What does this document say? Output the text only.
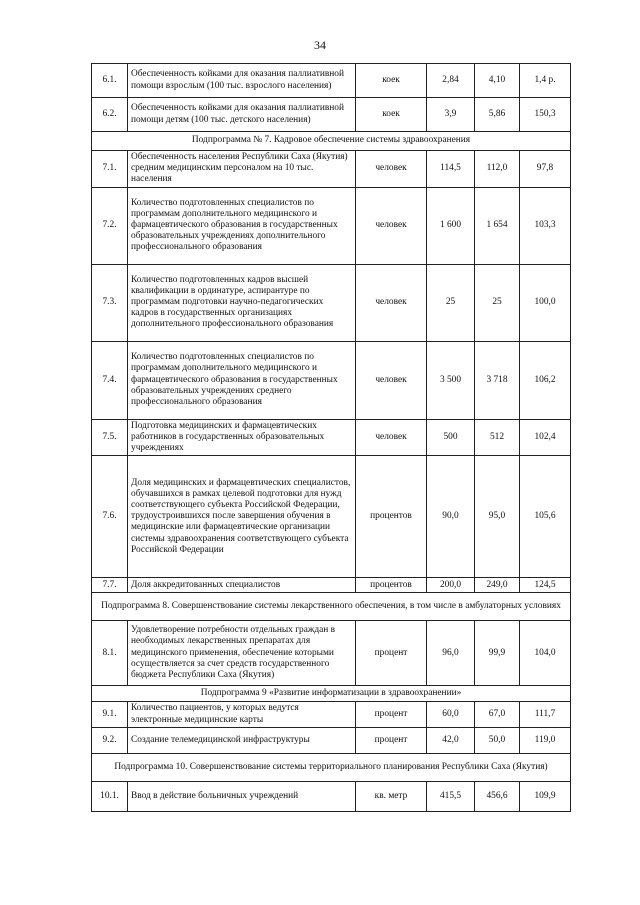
34
6.1.	Обеспеченность койками для оказания паллиативной помощи взрослым (100 тыс. взрослого населения)	коек	2,84	4,10	1,4 р.
6.2.	Обеспеченность койками для оказания паллиативной помощи детям (100 тыс. детского населения)	коек	3,9	5,86	150,3
Подпрограмма № 7. Кадровое обеспечение системы здравоохранения					
7.1.	Обеспеченность населения Республики Саха (Якутия) средним медицинским персоналом на 10 тыс. населения	человек	114,5	112,0	97,8
7.2.	Количество подготовленных специалистов по программам дополнительного медицинского и фармацевтического образования в государственных образовательных учреждениях дополнительного профессионального образования	человек	1 600	1 654	103,3
7.3.	Количество подготовленных кадров высшей квалификации в ординатуре, аспирантуре по программам подготовки научно-педагогических кадров в государственных организациях дополнительного профессионального образования	человек	25	25	100,0
7.4.	Количество подготовленных специалистов по программам дополнительного медицинского и фармацевтического образования в государственных образовательных учреждениях среднего профессионального образования	человек	3 500	3 718	106,2
7.5.	Подготовка медицинских и фармацевтических работников в государственных образовательных учреждениях	человек	500	512	102,4
7.6.	Доля медицинских и фармацевтических специалистов, обучавшихся в рамках целевой подготовки для нужд соответствующего субъекта Российской Федерации, трудоустроившихся после завершения обучения в медицинские или фармацевтические организации системы здравоохранения соответствующего субъекта Российской Федерации	процентов	90,0	95,0	105,6
7.7.	Доля аккредитованных специалистов	процентов	200,0	249,0	124,5
Подпрограмма 8. Совершенствование системы лекарственного обеспечения, в том числе в амбулаторных условиях					
8.1.	Удовлетворение потребности отдельных граждан в необходимых лекарственных препаратах для медицинского применения, обеспечение которыми осуществляется за счет средств государственного бюджета Республики Саха (Якутия)	процент	96,0	99,9	104,0
Подпрограмма 9 «Развитие информатизации в здравоохранении»					
9.1.	Количество пациентов, у которых ведутся электронные медицинские карты	процент	60,0	67,0	111,7
9.2.	Создание телемедицинской инфраструктуры	процент	42,0	50,0	119,0
Подпрограмма 10. Совершенствование системы территориального планирования Республики Саха (Якутия)					
10.1.	Ввод в действие больничных учреждений	кв. метр	415,5	456,6	109,9
